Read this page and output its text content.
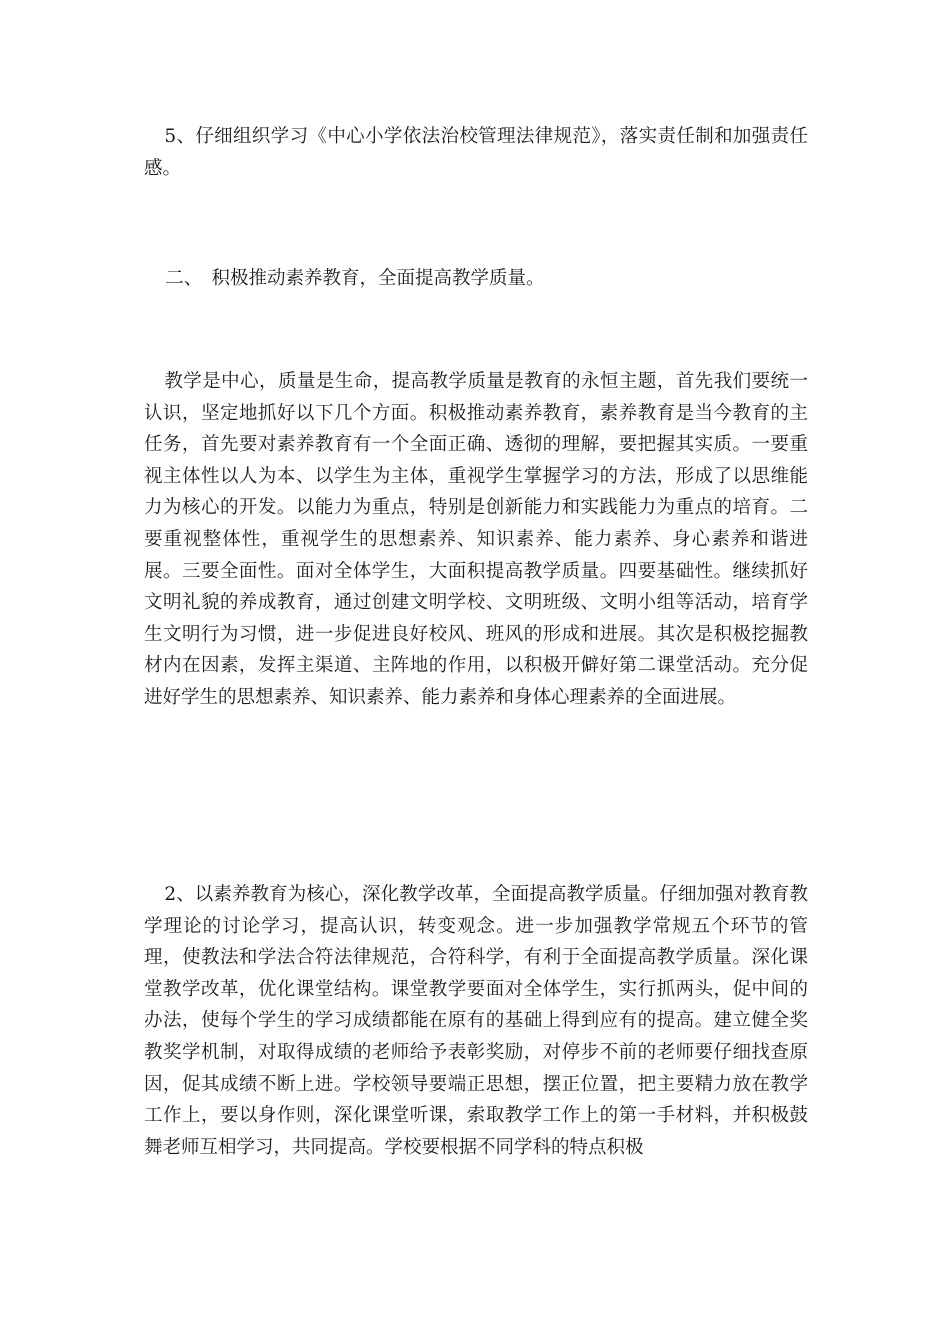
5、仔细组织学习《中心小学依法治校管理法律规范》，落实责任制和加强责任感。

二、 积极推动素养教育，全面提高教学质量。

教学是中心，质量是生命，提高教学质量是教育的永恒主题，首先我们要统一认识，坚定地抓好以下几个方面。积极推动素养教育，素养教育是当今教育的主任务，首先要对素养教育有一个全面正确、透彻的理解，要把握其实质。一要重视主体性以人为本、以学生为主体，重视学生掌握学习的方法，形成了以思维能力为核心的开发。以能力为重点，特别是创新能力和实践能力为重点的培育。二要重视整体性，重视学生的思想素养、知识素养、能力素养、身心素养和谐进展。三要全面性。面对全体学生，大面积提高教学质量。四要基础性。继续抓好文明礼貌的养成教育，通过创建文明学校、文明班级、文明小组等活动，培育学生文明行为习惯，进一步促进良好校风、班风的形成和进展。其次是积极挖掘教材内在因素，发挥主渠道、主阵地的作用，以积极开僻好第二课堂活动。充分促进好学生的思想素养、知识素养、能力素养和身体心理素养的全面进展。

2、以素养教育为核心，深化教学改革，全面提高教学质量。仔细加强对教育教学理论的讨论学习，提高认识，转变观念。进一步加强教学常规五个环节的管理，使教法和学法合符法律规范，合符科学，有利于全面提高教学质量。深化课堂教学改革，优化课堂结构。课堂教学要面对全体学生，实行抓两头，促中间的办法，使每个学生的学习成绩都能在原有的基础上得到应有的提高。建立健全奖教奖学机制，对取得成绩的老师给予表彰奖励，对停步不前的老师要仔细找查原因，促其成绩不断上进。学校领导要端正思想，摆正位置，把主要精力放在教学工作上，要以身作则，深化课堂听课，索取教学工作上的第一手材料，并积极鼓舞老师互相学习，共同提高。学校要根据不同学科的特点积极
